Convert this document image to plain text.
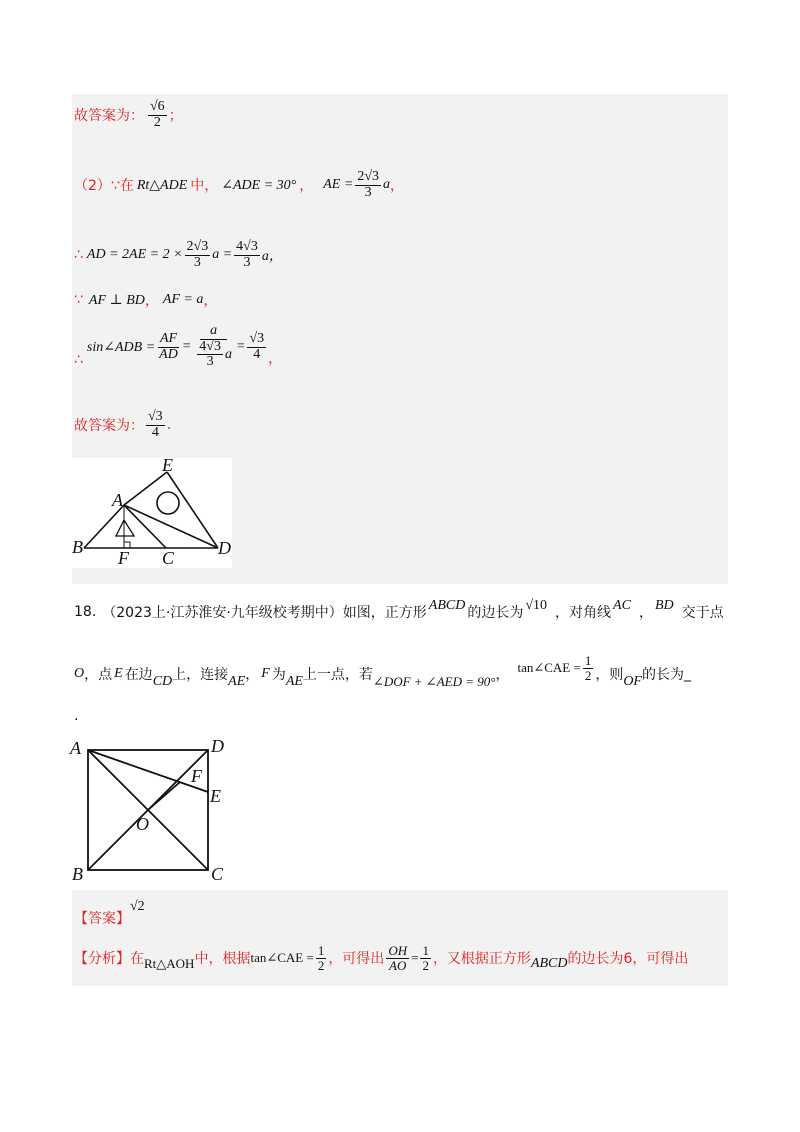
故答案为： $\frac{√6}{2}$ ；
（2）∵在 Rt△ADE 中， ∠ADE = 30° ， AE = $\frac{2√3}{3}$ a ，
∴ AD = $2AE = 2 \times \frac{2√3}{3}$ $a = \frac{4√3}{3}$ a，
∵ AF ⊥ BD ， AF = a ，
∴
sin∠ADB = $\frac{AF}{AD} = \frac{a}{\frac{4√3}{3} a} = \frac{√3}{4}$ ，
故答案为： $\frac{√3}{4}$ .
E
A
B
F C D
18. （2023上·江苏淮安·九年级校考期中） 如图，正方形 ABCD 的边长为 √10 ，对角线 AC ， BD 交于点
O ，点 E 在边 CD 上，连接 AE ， F 为 AE 上一点，若 ∠DOF + ∠AED = 90° ， tan∠CAE = $\frac{1}{2}$ ，则 OF 的长为 _
.
A	D
F
E
O
B	C
【答案】
√2
【分析】 在 Rt△AOH 中，根据 tan∠CAE = $\frac{1}{2}$ ，可得出 $\frac{OH}{AO} = \frac{1}{2}$ ，又根据正方形 ABCD 的边长为6，可得出
